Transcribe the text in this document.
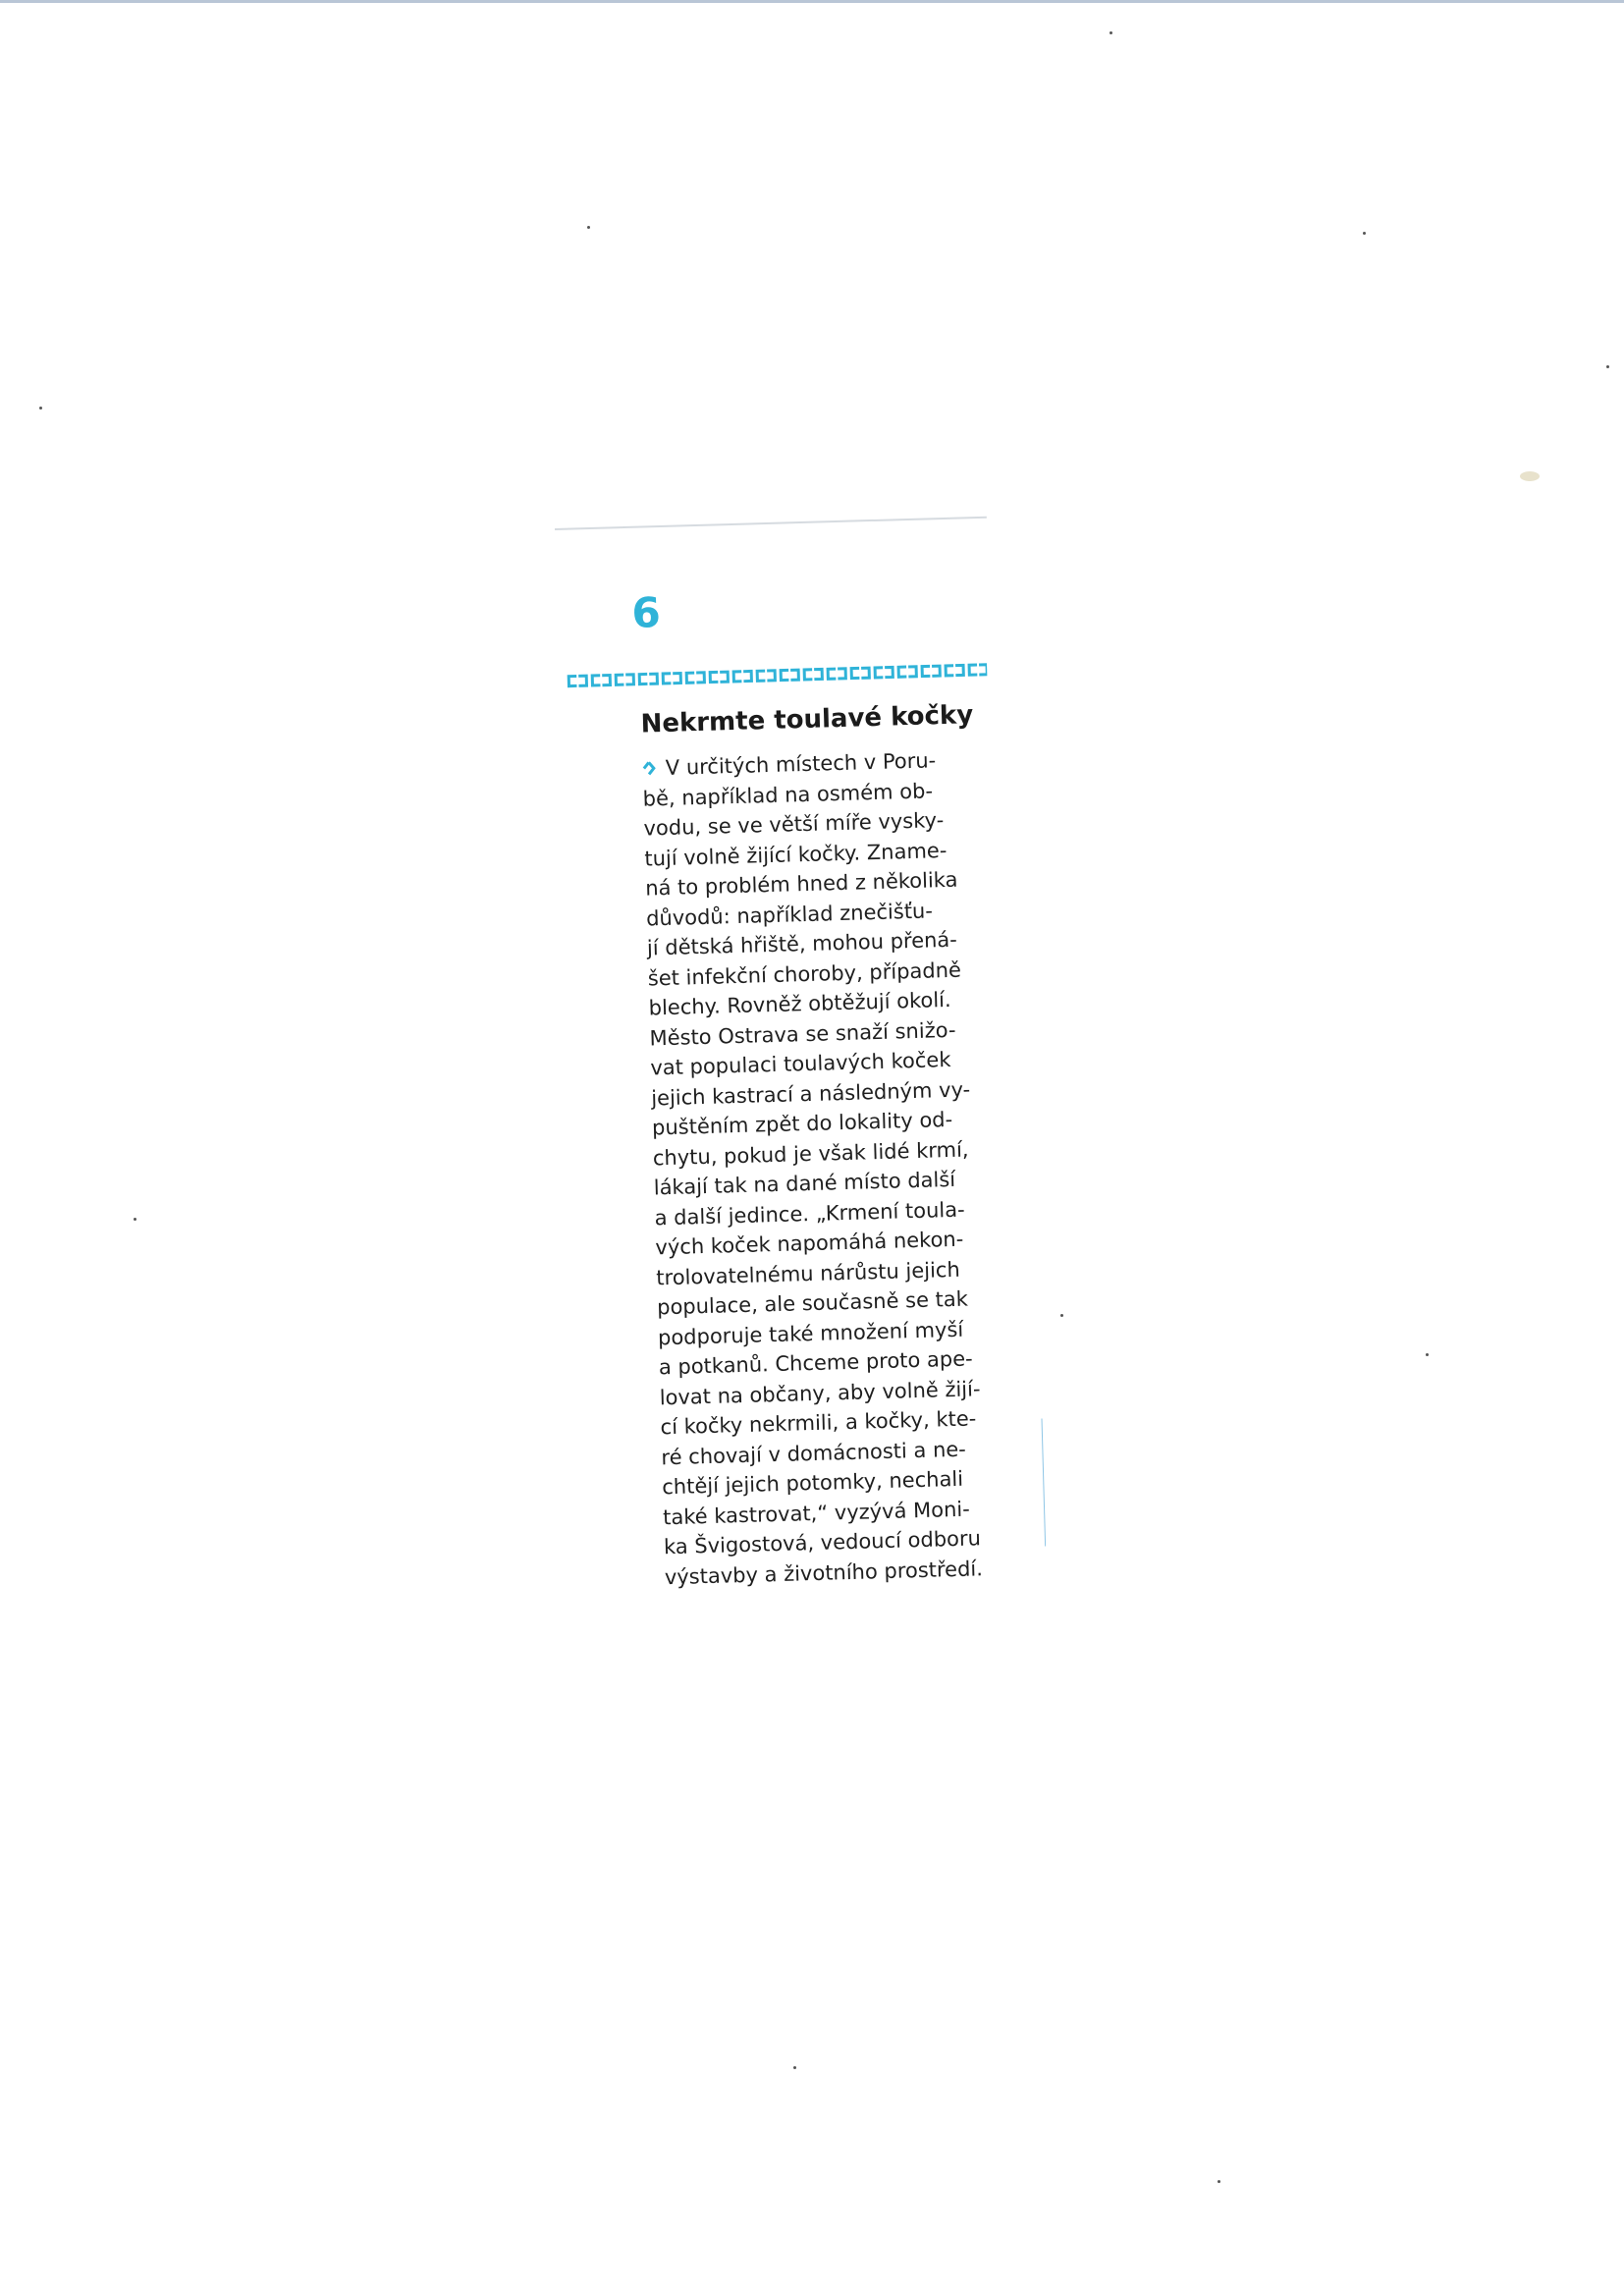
6
Nekrmte toulavé kočky
V určitých místech v Poru-
bě, například na osmém ob-
vodu, se ve větší míře vysky-
tují volně žijící kočky. Zname-
ná to problém hned z několika
důvodů: například znečišťu-
jí dětská hřiště, mohou přená-
šet infekční choroby, případně
blechy. Rovněž obtěžují okolí.
Město Ostrava se snaží snižo-
vat populaci toulavých koček
jejich kastrací a následným vy-
puštěním zpět do lokality od-
chytu, pokud je však lidé krmí,
lákají tak na dané místo další
a další jedince. „Krmení toula-
vých koček napomáhá nekon-
trolovatelnému nárůstu jejich
populace, ale současně se tak
podporuje také množení myší
a potkanů. Chceme proto ape-
lovat na občany, aby volně žijí-
cí kočky nekrmili, a kočky, kte-
ré chovají v domácnosti a ne-
chtějí jejich potomky, nechali
také kastrovat,“ vyzývá Moni-
ka Švigostová, vedoucí odboru
výstavby a životního prostředí.
